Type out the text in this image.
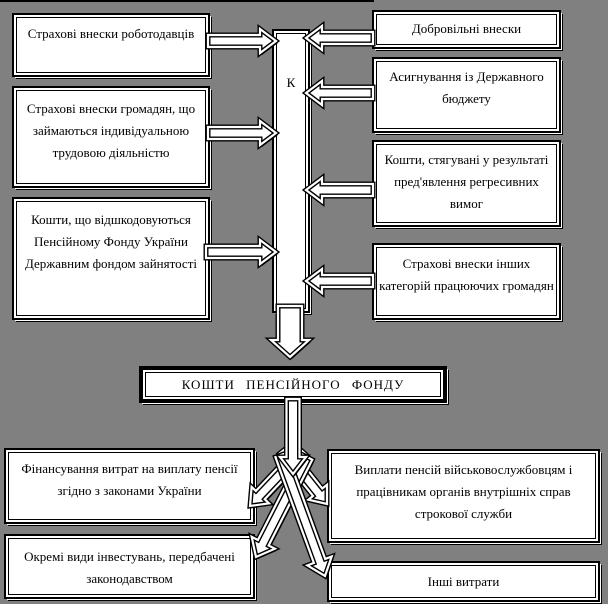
Страхові внески роботодавців
Страхові внески громадян, що займаються індивідуальною трудовою діяльністю
Кошти, що відшкодовуються Пенсійному Фонду України Державним фондом зайнятості
Добровільні внески
Асигнування із Державного бюджету
Кошти, стягувані у результаті пред'явлення регресивних вимог
Страхові внески інших категорій працюючих громадян
К
КОШТИ ПЕНСІЙНОГО ФОНДУ
Фінансування витрат на виплату пенсії згідно з законами України
Окремі види інвестувань, передбачені законодавством
Виплати пенсій військовослужбовцям і працівникам органів внутрішніх справ строкової служби
Інші витрати
